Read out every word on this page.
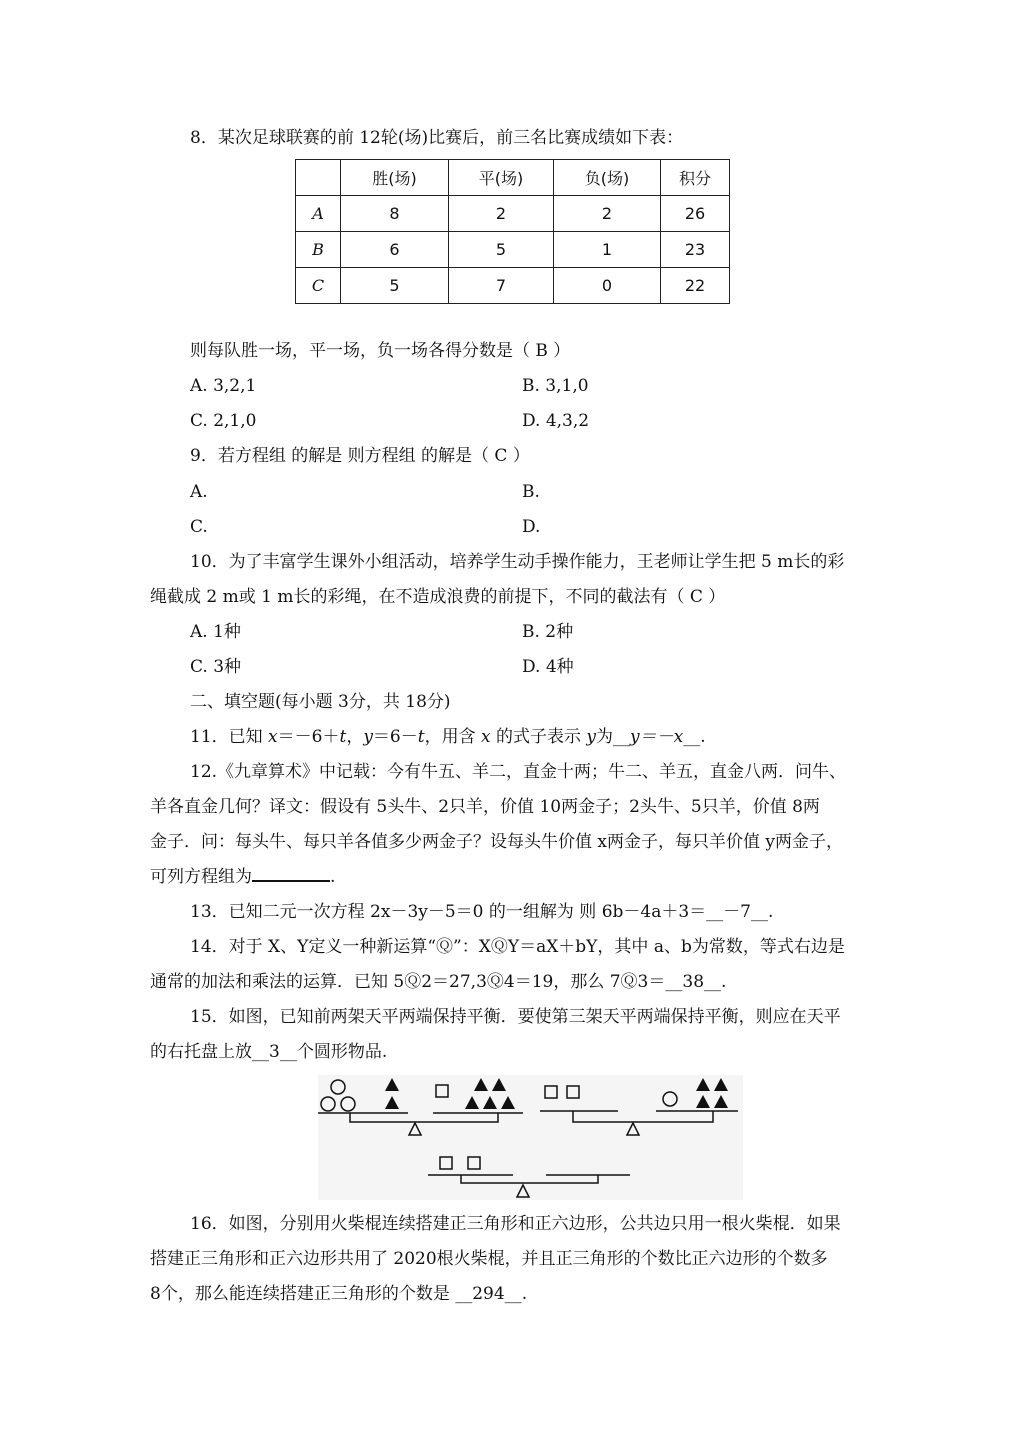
8．某次足球联赛的前 12轮(场)比赛后，前三名比赛成绩如下表：
	胜(场)	平(场)	负(场)	积分
A	8	2	2	26
B	6	5	1	23
C	5	7	0	22
则每队胜一场，平一场，负一场各得分数是（ B ）
A. 3,2,1	B. 3,1,0
C. 2,1,0	D. 4,3,2
9．若方程组 的解是 则方程组 的解是（ C ）
A.	B.
C.	D.
10．为了丰富学生课外小组活动，培养学生动手操作能力，王老师让学生把 5 m长的彩
绳截成 2 m或 1 m长的彩绳，在不造成浪费的前提下，不同的截法有（ C ）
A. 1种	B. 2种
C. 3种	D. 4种
二、填空题(每小题 3分，共 18分)
11．已知 x＝－6＋t，y＝6－t，用含 x 的式子表示 y为__y＝－x__.
12.《九章算术》中记载：今有牛五、羊二，直金十两；牛二、羊五，直金八两．问牛、
羊各直金几何？译文：假设有 5头牛、2只羊，价值 10两金子；2头牛、5只羊，价值 8两
金子．问：每头牛、每只羊各值多少两金子？设每头牛价值 x两金子，每只羊价值 y两金子，
可列方程组为	.
13．已知二元一次方程 2x－3y－5＝0 的一组解为 则 6b－4a＋3＝__－7__.
14．对于 X、Y定义一种新运算“Ⓠ”：XⓆY＝aX＋bY，其中 a、b为常数，等式右边是
通常的加法和乘法的运算．已知 5Ⓠ2＝27,3Ⓠ4＝19，那么 7Ⓠ3＝__38__.
15．如图，已知前两架天平两端保持平衡．要使第三架天平两端保持平衡，则应在天平
的右托盘上放__3__个圆形物品.
16．如图，分别用火柴棍连续搭建正三角形和正六边形，公共边只用一根火柴棍．如果
搭建正三角形和正六边形共用了 2020根火柴棍，并且正三角形的个数比正六边形的个数多
8个，那么能连续搭建正三角形的个数是 __294__.
